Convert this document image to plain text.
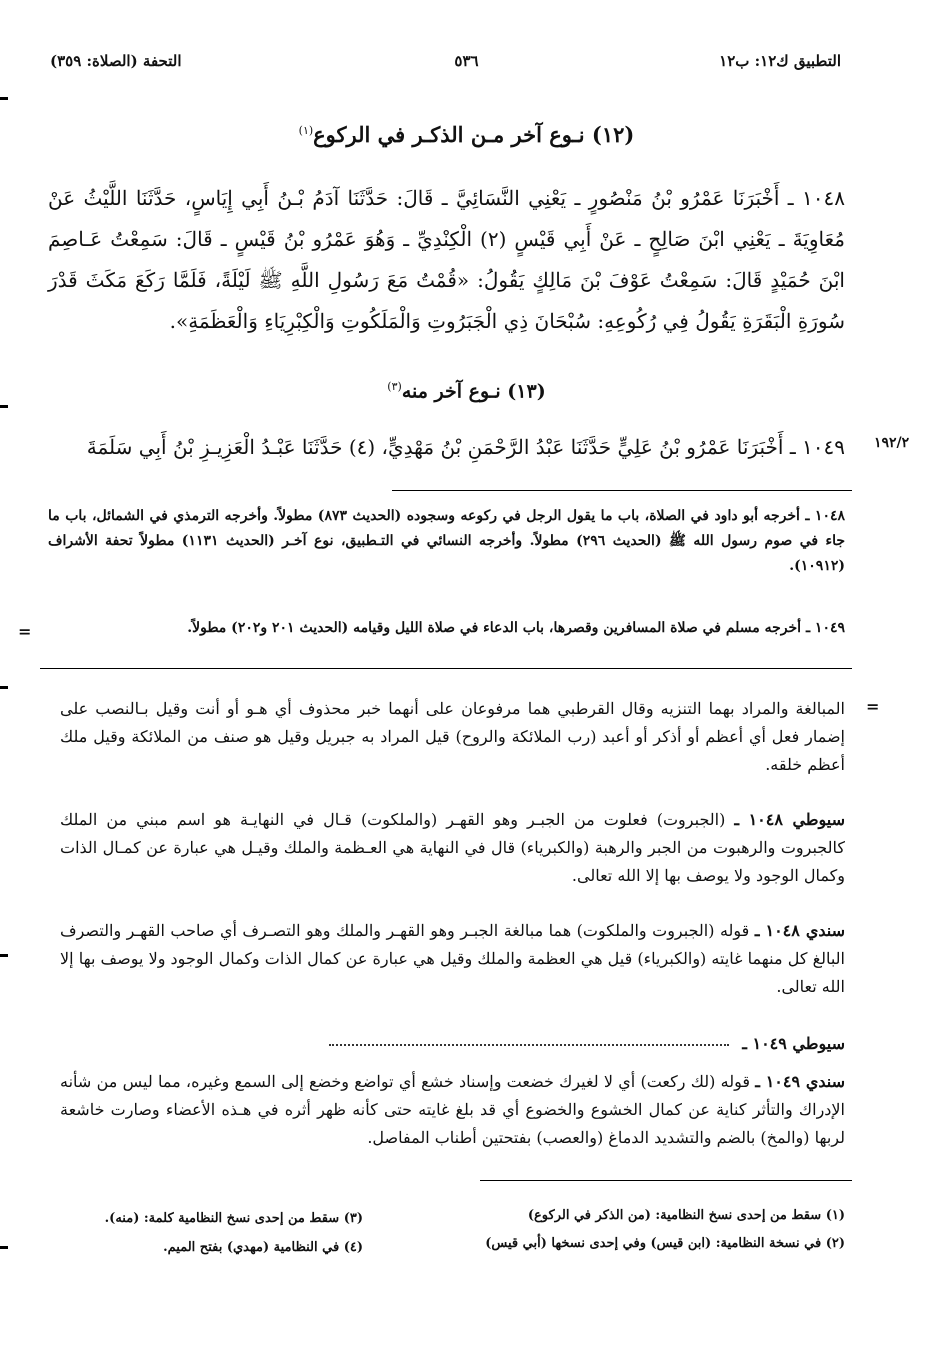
التطبيق ك١٢: ب١٢
٥٣٦
التحفة (الصلاة: ٣٥٩)
(١٢) نـوع آخر مـن الذكـر في الركوع$^{(١)}$
١٠٤٨ ـ أَخْبَرَنَا عَمْرُو بْنُ مَنْصُورٍ ـ يَعْنِي النَّسَائِيَّ ـ قَالَ: حَدَّثَنَا آدَمُ بْـنُ أَبِي إِيَاسٍ، حَدَّثَنَا اللَّيْثُ عَنْ مُعَاوِيَةَ ـ يَعْنِي ابْنَ صَالِحٍ ـ عَنْ أَبِي قَيْسٍ (٢) الْكِنْدِيِّ ـ وَهُوَ عَمْرُو بْنُ قَيْسٍ ـ قَالَ: سَمِعْتُ عَـاصِمَ ابْنَ حُمَيْدٍ قَالَ: سَمِعْتُ عَوْفَ بْنَ مَالِكٍ يَقُولُ: «قُمْتُ مَعَ رَسُولِ اللَّهِ ﷺ لَيْلَةً، فَلَمَّا رَكَعَ مَكَثَ قَدْرَ سُورَةِ الْبَقَرَةِ يَقُولُ فِي رُكُوعِهِ: سُبْحَانَ ذِي الْجَبَرُوتِ وَالْمَلَكُوتِ وَالْكِبْرِيَاءِ وَالْعَظَمَةِ».
(١٣) نـوع آخر منه$^{(٣)}$
١٩٢/٢
١٠٤٩ ـ أَخْبَرَنَا عَمْرُو بْنُ عَلِيٍّ حَدَّثَنَا عَبْدُ الرَّحْمَنِ بْنُ مَهْدِيٍّ، (٤) حَدَّثَنَا عَبْـدُ الْعَزِيـزِ بْنُ أَبِي سَلَمَةَ
١٠٤٨ ـ أخرجه أبو داود في الصلاة، باب ما يقول الرجل في ركوعه وسجوده (الحديث ٨٧٣) مطولاً. وأخرجه الترمذي في الشمائل، باب ما جاء في صوم رسول الله ﷺ (الحديث ٢٩٦) مطولاً. وأخرجه النسائي في التـطبيق، نوع آخـر (الحديث ١١٣١) مطولاً تحفة الأشراف (١٠٩١٢).
١٠٤٩ ـ أخرجه مسلم في صلاة المسافرين وقصرها، باب الدعاء في صلاة الليل وقيامه (الحديث ٢٠١ و٢٠٢) مطولاً.
=
=
المبالغة والمراد بهما التنزيه وقال القرطبي هما مرفوعان على أنهما خبر محذوف أي هـو أو أنت وقيل بـالنصب على إضمار فعل أي أعظم أو أذكر أو أعبد (رب الملائكة والروح) قيل المراد به جبريل وقيل هو صنف من الملائكة وقيل ملك أعظم خلقه.
سيوطي ١٠٤٨ ـ (الجبروت) فعلوت من الجبـر وهو القهـر (والملكوت) قـال في النهايـة هو اسم مبني من الملك كالجبروت والرهبوت من الجبر والرهبة (والكبرياء) قال في النهاية هي العـظمة والملك وقيـل هي عبارة عن كمـال الذات وكمال الوجود ولا يوصف بها إلا الله تعالى.
سندي ١٠٤٨ ـ قوله (الجبروت والملكوت) هما مبالغة الجبـر وهو القهـر والملك وهو التصـرف أي صاحب القهـر والتصرف البالغ كل منهما غايته (والكبرياء) قيل هي العظمة والملك وقيل هي عبارة عن كمال الذات وكمال الوجود ولا يوصف بها إلا الله تعالى.
سيوطي ١٠٤٩ ـ
سندي ١٠٤٩ ـ قوله (لك ركعت) أي لا لغيرك خضعت وإسناد خشع أي تواضع وخضع إلى السمع وغيره، مما ليس من شأنه الإدراك والتأثر كناية عن كمال الخشوع والخضوع أي قد بلغ غايته حتى كأنه ظهر أثره في هـذه الأعضاء وصارت خاشعة لربها (والمخ) بالضم والتشديد الدماغ (والعصب) بفتحتين أطناب المفاصل.
(١) سقط من إحدى نسخ النظامية: (من الذكر في الركوع)
(٢) في نسخة النظامية: (ابن قيس) وفي إحدى نسخها (أبي قيس)
(٣) سقط من إحدى نسخ النظامية كلمة: (منه).
(٤) في النظامية (مهدي) بفتح الميم.
